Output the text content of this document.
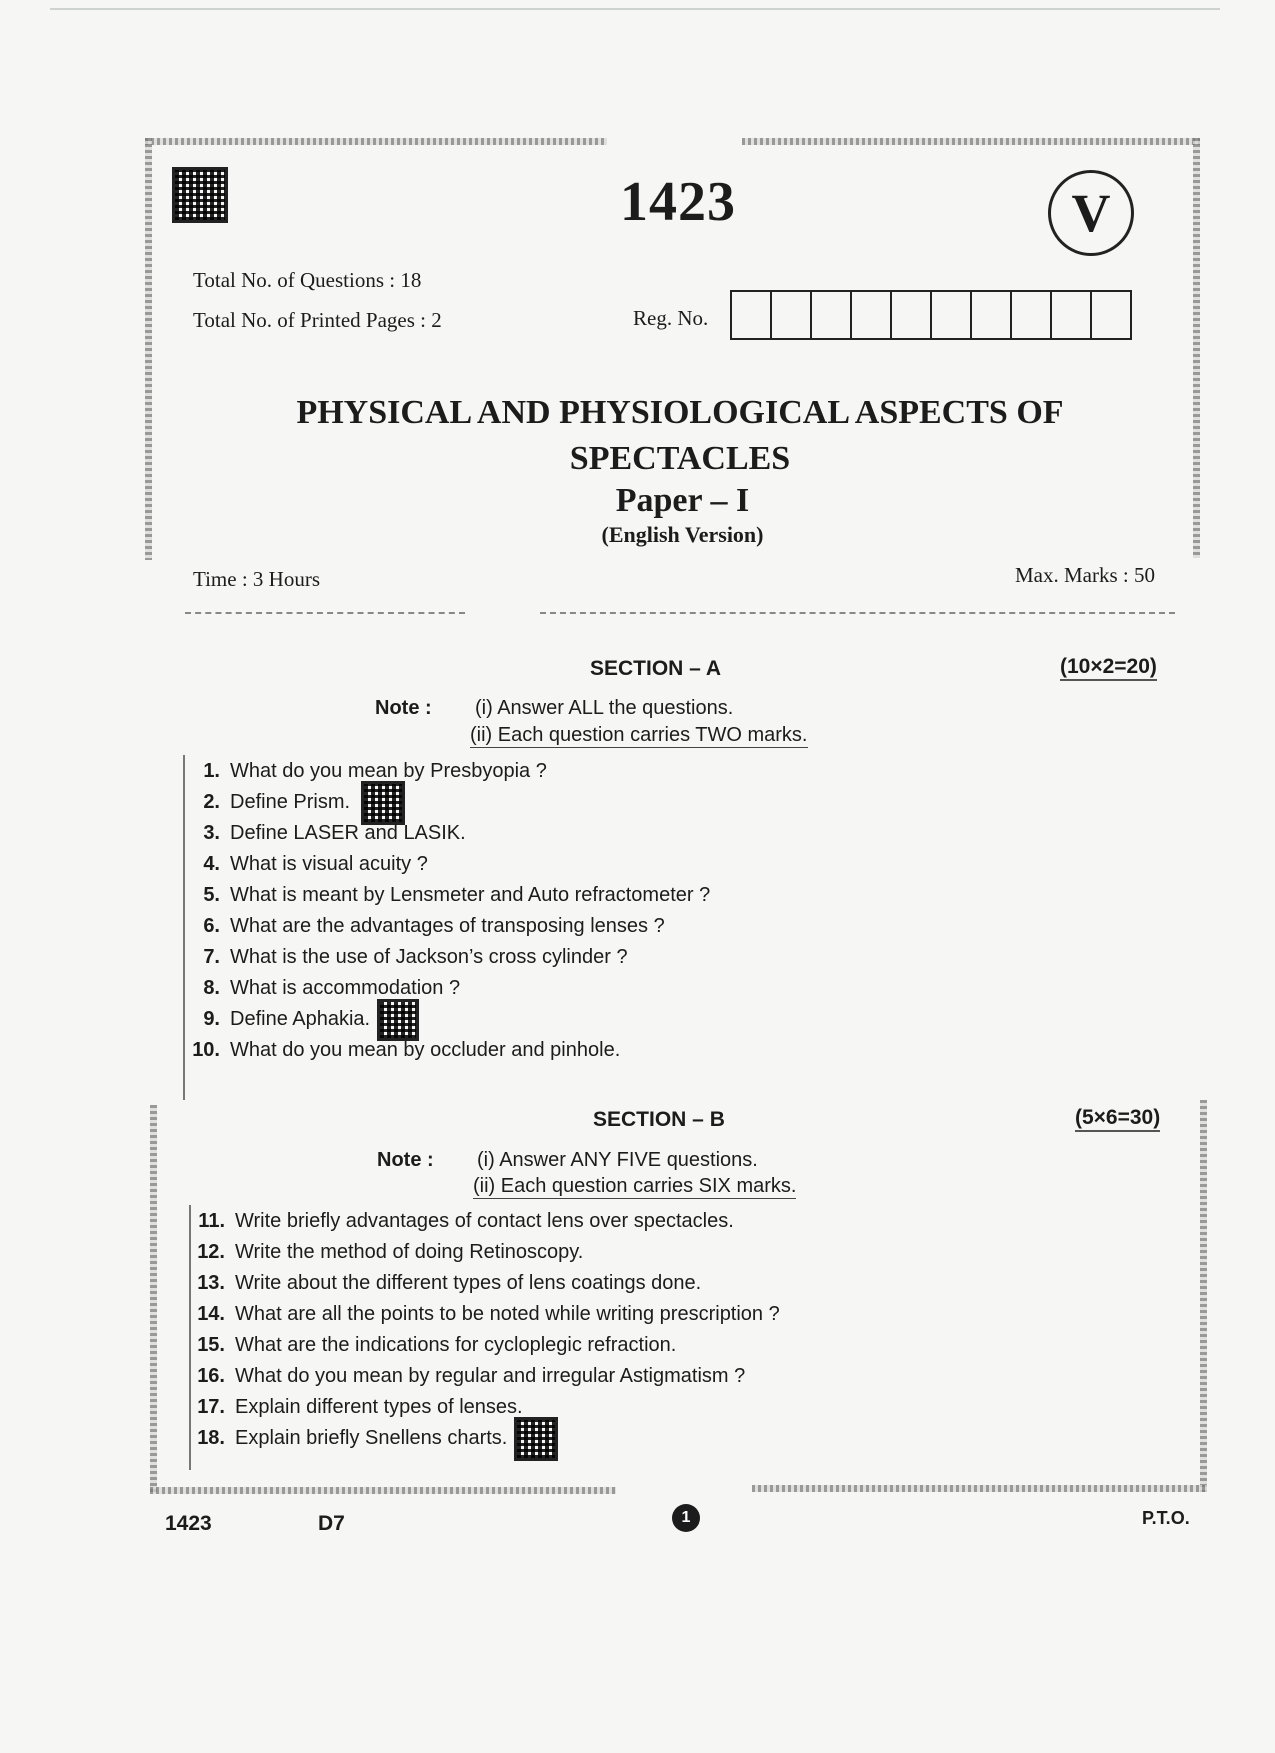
1423	V
Total No. of Questions : 18
Total No. of Printed Pages : 2	Reg. No.
PHYSICAL AND PHYSIOLOGICAL ASPECTS OF
SPECTACLES
Paper – I
(English Version)
Time : 3 Hours	Max. Marks : 50
SECTION – A	(10×2=20)
Note : (i) Answer ALL the questions.
(ii) Each question carries TWO marks.
1. What do you mean by Presbyopia ?
2. Define Prism.
3. Define LASER and LASIK.
4. What is visual acuity ?
5. What is meant by Lensmeter and Auto refractometer ?
6. What are the advantages of transposing lenses ?
7. What is the use of Jackson’s cross cylinder ?
8. What is accommodation ?
9. Define Aphakia.
10. What do you mean by occluder and pinhole.
SECTION – B	(5×6=30)
Note : (i) Answer ANY FIVE questions.
(ii) Each question carries SIX marks.
11. Write briefly advantages of contact lens over spectacles.
12. Write the method of doing Retinoscopy.
13. Write about the different types of lens coatings done.
14. What are all the points to be noted while writing prescription ?
15. What are the indications for cycloplegic refraction.
16. What do you mean by regular and irregular Astigmatism ?
17. Explain different types of lenses.
18. Explain briefly Snellens charts.
1423	D7	1	P.T.O.
